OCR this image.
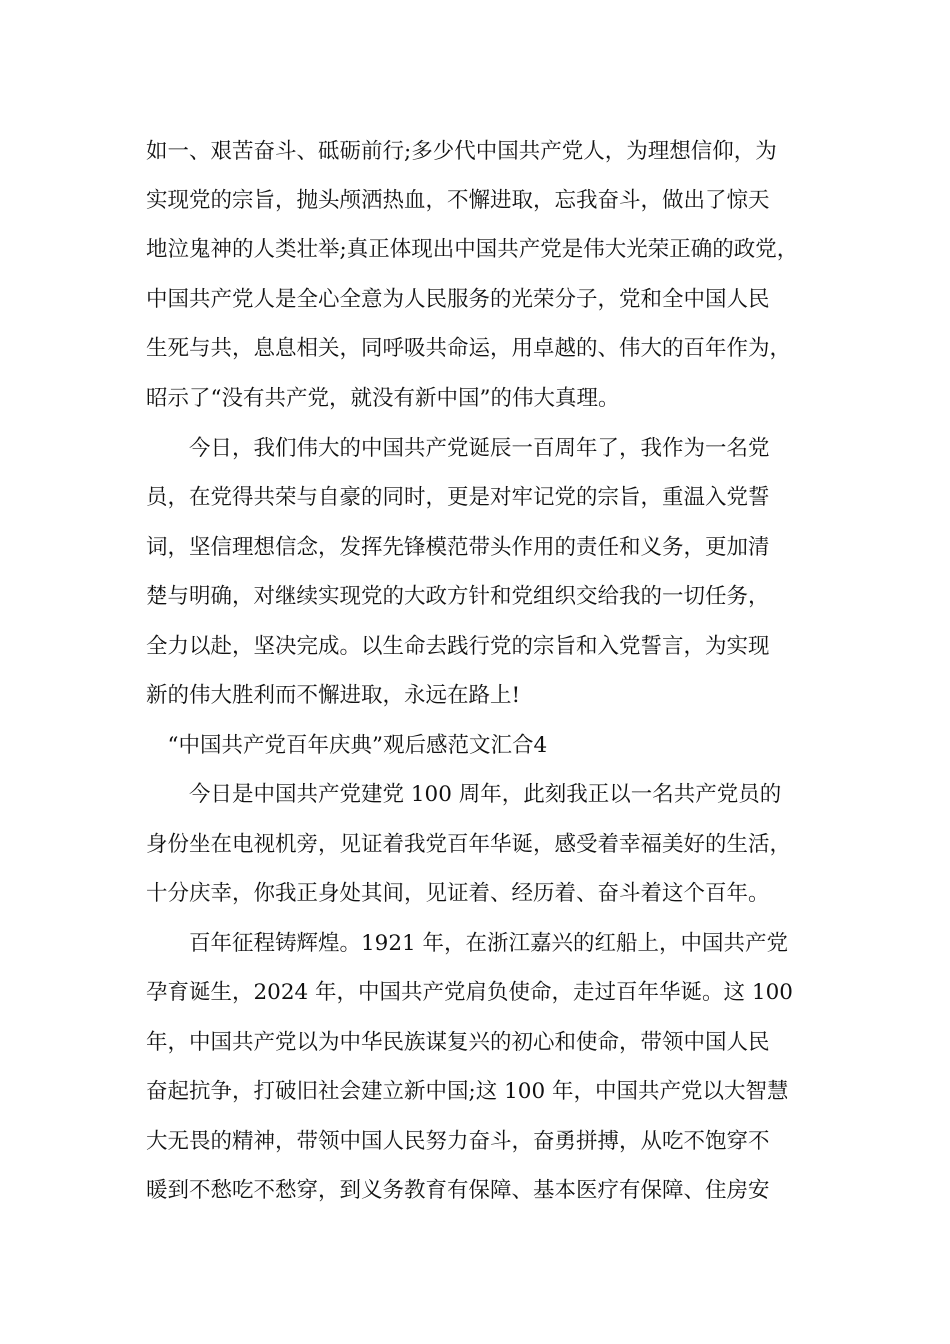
如一、艰苦奋斗、砥砺前行;多少代中国共产党人，为理想信仰，为
实现党的宗旨，抛头颅洒热血，不懈进取，忘我奋斗，做出了惊天
地泣鬼神的人类壮举;真正体现出中国共产党是伟大光荣正确的政党，
中国共产党人是全心全意为人民服务的光荣分子，党和全中国人民
生死与共，息息相关，同呼吸共命运，用卓越的、伟大的百年作为，
昭示了“没有共产党，就没有新中国”的伟大真理。
　　今日，我们伟大的中国共产党诞辰一百周年了，我作为一名党
员，在党得共荣与自豪的同时，更是对牢记党的宗旨，重温入党誓
词，坚信理想信念，发挥先锋模范带头作用的责任和义务，更加清
楚与明确，对继续实现党的大政方针和党组织交给我的一切任务，
全力以赴，坚决完成。以生命去践行党的宗旨和入党誓言，为实现
新的伟大胜利而不懈进取，永远在路上!
　“中国共产党百年庆典”观后感范文汇合4
　　今日是中国共产党建党 100 周年，此刻我正以一名共产党员的
身份坐在电视机旁，见证着我党百年华诞，感受着幸福美好的生活，
十分庆幸，你我正身处其间，见证着、经历着、奋斗着这个百年。
　　百年征程铸辉煌。1921 年，在浙江嘉兴的红船上，中国共产党
孕育诞生，2024 年，中国共产党肩负使命，走过百年华诞。这 100
年，中国共产党以为中华民族谋复兴的初心和使命，带领中国人民
奋起抗争，打破旧社会建立新中国;这 100 年，中国共产党以大智慧
大无畏的精神，带领中国人民努力奋斗，奋勇拼搏，从吃不饱穿不
暖到不愁吃不愁穿，到义务教育有保障、基本医疗有保障、住房安
